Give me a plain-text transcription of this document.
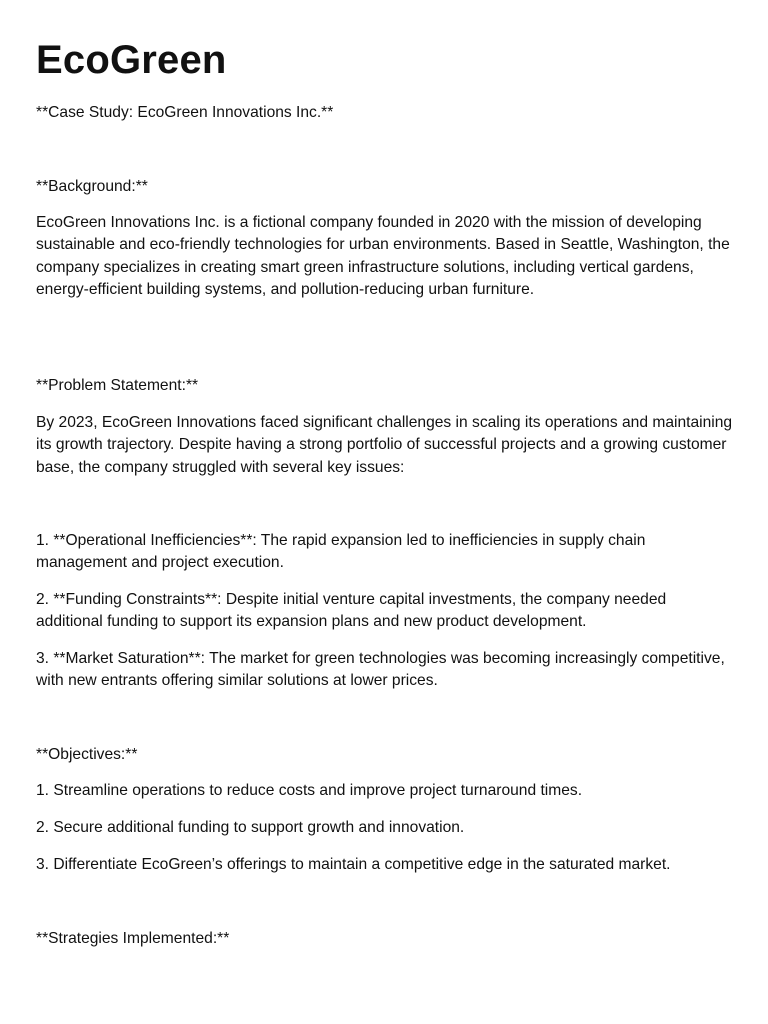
EcoGreen

**Case Study: EcoGreen Innovations Inc.**

**Background:**

EcoGreen Innovations Inc. is a fictional company founded in 2020 with the mission of developing sustainable and eco-friendly technologies for urban environments. Based in Seattle, Washington, the company specializes in creating smart green infrastructure solutions, including vertical gardens, energy-efficient building systems, and pollution-reducing urban furniture.

**Problem Statement:**

By 2023, EcoGreen Innovations faced significant challenges in scaling its operations and maintaining its growth trajectory. Despite having a strong portfolio of successful projects and a growing customer base, the company struggled with several key issues:

1. **Operational Inefficiencies**: The rapid expansion led to inefficiencies in supply chain management and project execution.

2. **Funding Constraints**: Despite initial venture capital investments, the company needed additional funding to support its expansion plans and new product development.

3. **Market Saturation**: The market for green technologies was becoming increasingly competitive, with new entrants offering similar solutions at lower prices.

**Objectives:**

1. Streamline operations to reduce costs and improve project turnaround times.

2. Secure additional funding to support growth and innovation.

3. Differentiate EcoGreen’s offerings to maintain a competitive edge in the saturated market.

**Strategies Implemented:**
